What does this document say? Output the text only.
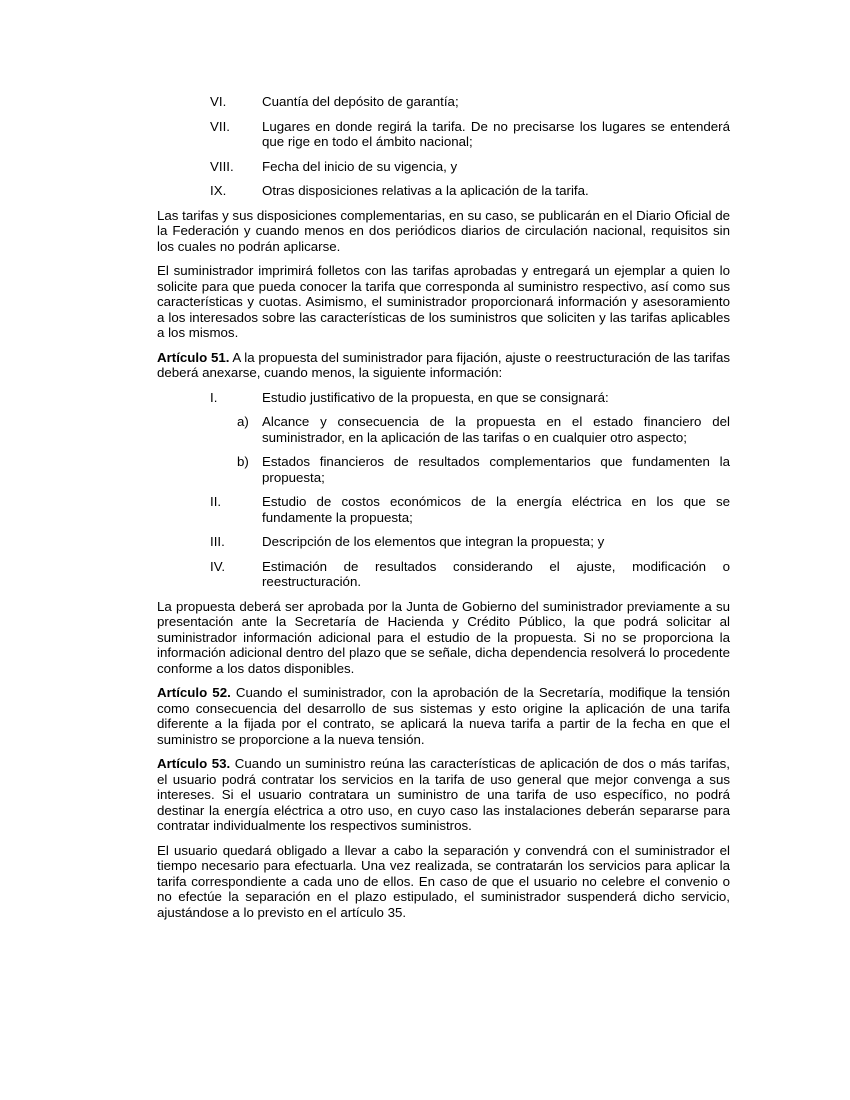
VI.	Cuantía del depósito de garantía;
VII. Lugares en donde regirá la tarifa. De no precisarse los lugares se entenderá que rige en todo el ámbito nacional;
VIII. Fecha del inicio de su vigencia, y
IX.	Otras disposiciones relativas a la aplicación de la tarifa.

Las tarifas y sus disposiciones complementarias, en su caso, se publicarán en el Diario Oficial de la Federación y cuando menos en dos periódicos diarios de circulación nacional, requisitos sin los cuales no podrán aplicarse.

El suministrador imprimirá folletos con las tarifas aprobadas y entregará un ejemplar a quien lo solicite para que pueda conocer la tarifa que corresponda al suministro respectivo, así como sus características y cuotas. Asimismo, el suministrador proporcionará información y asesoramiento a los interesados sobre las características de los suministros que soliciten y las tarifas aplicables a los mismos.

Artículo 51. A la propuesta del suministrador para fijación, ajuste o reestructuración de las tarifas deberá anexarse, cuando menos, la siguiente información:

I.	Estudio justificativo de la propuesta, en que se consignará:
a) Alcance y consecuencia de la propuesta en el estado financiero del suministrador, en la aplicación de las tarifas o en cualquier otro aspecto;
b) Estados financieros de resultados complementarios que fundamenten la propuesta;
II.	Estudio de costos económicos de la energía eléctrica en los que se fundamente la propuesta;
III.	Descripción de los elementos que integran la propuesta; y
IV.	Estimación de resultados considerando el ajuste, modificación o reestructuración.

La propuesta deberá ser aprobada por la Junta de Gobierno del suministrador previamente a su presentación ante la Secretaría de Hacienda y Crédito Público, la que podrá solicitar al suministrador información adicional para el estudio de la propuesta. Si no se proporciona la información adicional dentro del plazo que se señale, dicha dependencia resolverá lo procedente conforme a los datos disponibles.

Artículo 52. Cuando el suministrador, con la aprobación de la Secretaría, modifique la tensión como consecuencia del desarrollo de sus sistemas y esto origine la aplicación de una tarifa diferente a la fijada por el contrato, se aplicará la nueva tarifa a partir de la fecha en que el suministro se proporcione a la nueva tensión.

Artículo 53. Cuando un suministro reúna las características de aplicación de dos o más tarifas, el usuario podrá contratar los servicios en la tarifa de uso general que mejor convenga a sus intereses. Si el usuario contratara un suministro de una tarifa de uso específico, no podrá destinar la energía eléctrica a otro uso, en cuyo caso las instalaciones deberán separarse para contratar individualmente los respectivos suministros.

El usuario quedará obligado a llevar a cabo la separación y convendrá con el suministrador el tiempo necesario para efectuarla. Una vez realizada, se contratarán los servicios para aplicar la tarifa correspondiente a cada uno de ellos. En caso de que el usuario no celebre el convenio o no efectúe la separación en el plazo estipulado, el suministrador suspenderá dicho servicio, ajustándose a lo previsto en el artículo 35.
